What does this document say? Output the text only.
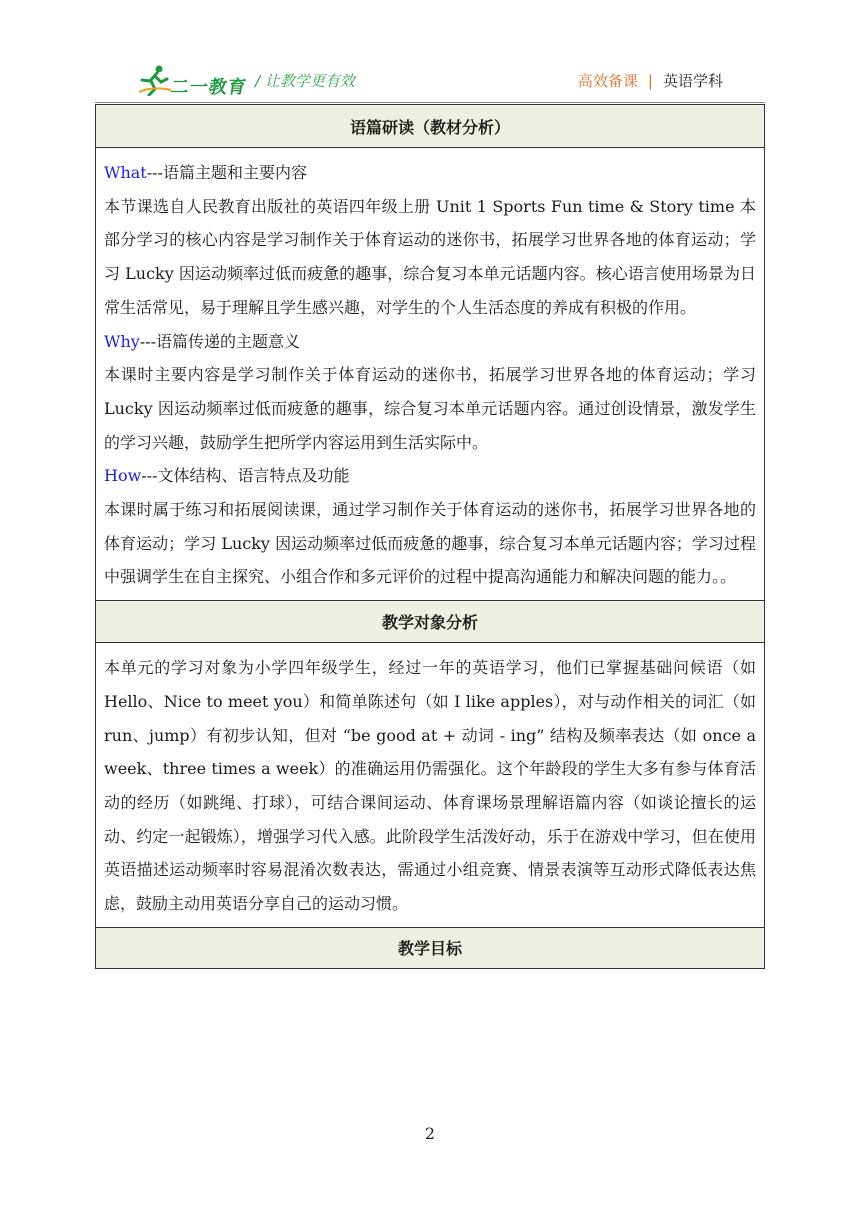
二一教育 / 让教学更有效	高效备课 | 英语学科
语篇研读（教材分析）

What---语篇主题和主要内容

本节课选自人民教育出版社的英语四年级上册 Unit 1 Sports Fun time & Story time 本部分学习的核心内容是学习制作关于体育运动的迷你书，拓展学习世界各地的体育运动；学习 Lucky 因运动频率过低而疲惫的趣事，综合复习本单元话题内容。核心语言使用场景为日常生活常见，易于理解且学生感兴趣，对学生的个人生活态度的养成有积极的作用。

Why---语篇传递的主题意义

本课时主要内容是学习制作关于体育运动的迷你书，拓展学习世界各地的体育运动；学习 Lucky 因运动频率过低而疲惫的趣事，综合复习本单元话题内容。通过创设情景，激发学生的学习兴趣，鼓励学生把所学内容运用到生活实际中。

How---文体结构、语言特点及功能

本课时属于练习和拓展阅读课，通过学习制作关于体育运动的迷你书，拓展学习世界各地的体育运动；学习 Lucky 因运动频率过低而疲惫的趣事，综合复习本单元话题内容；学习过程中强调学生在自主探究、小组合作和多元评价的过程中提高沟通能力和解决问题的能力。。

教学对象分析

本单元的学习对象为小学四年级学生，经过一年的英语学习，他们已掌握基础问候语（如 Hello、Nice to meet you）和简单陈述句（如 I like apples），对与动作相关的词汇（如 run、jump）有初步认知，但对 “be good at + 动词 - ing” 结构及频率表达（如 once a week、three times a week）的准确运用仍需强化。这个年龄段的学生大多有参与体育活动的经历（如跳绳、打球），可结合课间运动、体育课场景理解语篇内容（如谈论擅长的运动、约定一起锻炼），增强学习代入感。此阶段学生活泼好动，乐于在游戏中学习，但在使用英语描述运动频率时容易混淆次数表达，需通过小组竞赛、情景表演等互动形式降低表达焦虑，鼓励主动用英语分享自己的运动习惯。

教学目标
2
